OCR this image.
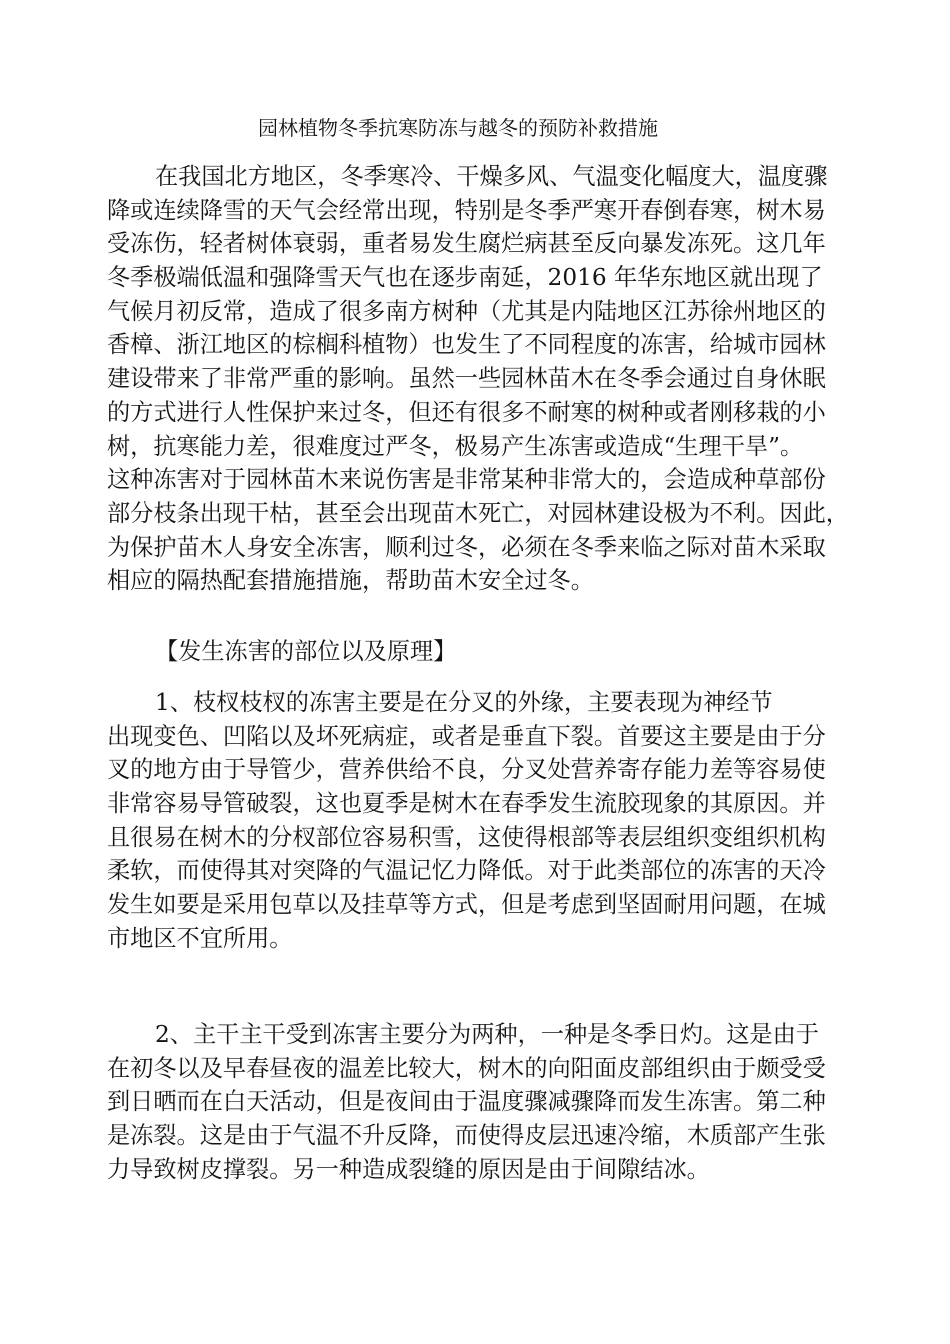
园林植物冬季抗寒防冻与越冬的预防补救措施
在我国北方地区，冬季寒冷、干燥多风、气温变化幅度大，温度骤
降或连续降雪的天气会经常出现，特别是冬季严寒开春倒春寒，树木易
受冻伤，轻者树体衰弱，重者易发生腐烂病甚至反向暴发冻死。这几年
冬季极端低温和强降雪天气也在逐步南延，2016 年华东地区就出现了
气候月初反常，造成了很多南方树种（尤其是内陆地区江苏徐州地区的
香樟、浙江地区的棕榈科植物）也发生了不同程度的冻害，给城市园林
建设带来了非常严重的影响。虽然一些园林苗木在冬季会通过自身休眠
的方式进行人性保护来过冬，但还有很多不耐寒的树种或者刚移栽的小
树，抗寒能力差，很难度过严冬，极易产生冻害或造成“生理干旱”。
这种冻害对于园林苗木来说伤害是非常某种非常大的，会造成种草部份
部分枝条出现干枯，甚至会出现苗木死亡，对园林建设极为不利。因此，
为保护苗木人身安全冻害，顺利过冬，必须在冬季来临之际对苗木采取
相应的隔热配套措施措施，帮助苗木安全过冬。
【发生冻害的部位以及原理】
1、枝杈枝杈的冻害主要是在分叉的外缘，主要表现为神经节
出现变色、凹陷以及坏死病症，或者是垂直下裂。首要这主要是由于分
叉的地方由于导管少，营养供给不良，分叉处营养寄存能力差等容易使
非常容易导管破裂，这也夏季是树木在春季发生流胶现象的其原因。并
且很易在树木的分杈部位容易积雪，这使得根部等表层组织变组织机构
柔软，而使得其对突降的气温记忆力降低。对于此类部位的冻害的天冷
发生如要是采用包草以及挂草等方式，但是考虑到坚固耐用问题，在城
市地区不宜所用。
2、主干主干受到冻害主要分为两种，一种是冬季日灼。这是由于
在初冬以及早春昼夜的温差比较大，树木的向阳面皮部组织由于颇受受
到日晒而在白天活动，但是夜间由于温度骤减骤降而发生冻害。第二种
是冻裂。这是由于气温不升反降，而使得皮层迅速冷缩，木质部产生张
力导致树皮撑裂。另一种造成裂缝的原因是由于间隙结冰。
